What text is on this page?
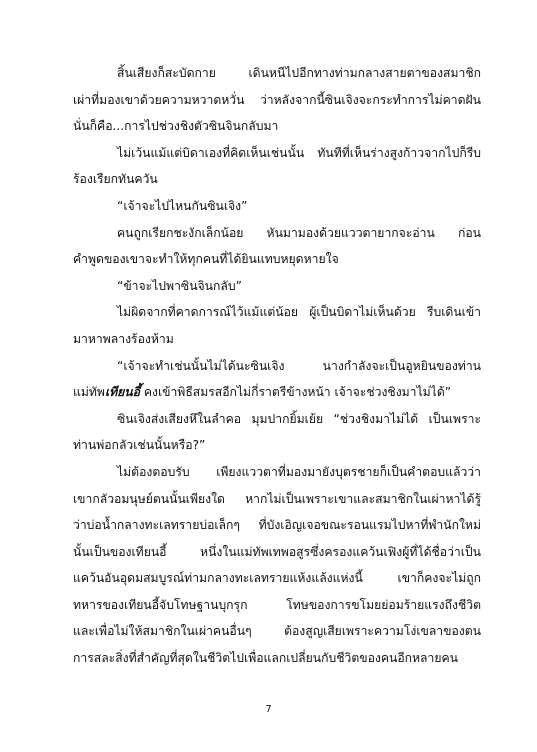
สิ้นเสียงก็สะบัดกาย เดินหนีไปอีกทางท่ามกลางสายตาของสมาชิก
เผ่าที่มองเขาด้วยความหวาดหวั่น ว่าหลังจากนี้ซินเจิงจะกระทำการไม่คาดฝัน
นั่นก็คือ...การไปช่วงชิงตัวซินจินกลับมา
ไม่เว้นแม้แต่บิดาเองที่คิดเห็นเช่นนั้น ทันทีที่เห็นร่างสูงก้าวจากไปก็รีบ
ร้องเรียกทันควัน
“เจ้าจะไปไหนกันซินเจิง”
คนถูกเรียกชะงักเล็กน้อย หันมามองด้วยแววตายากจะอ่าน ก่อน
คำพูดของเขาจะทำให้ทุกคนที่ได้ยินแทบหยุดหายใจ
“ข้าจะไปพาซินจินกลับ”
ไม่ผิดจากที่คาดการณ์ไว้แม้แต่น้อย ผู้เป็นบิดาไม่เห็นด้วย รีบเดินเข้า
มาหาพลางร้องห้าม
“เจ้าจะทำเช่นนั้นไม่ได้นะซินเจิง นางกำลังจะเป็นอูหยินของท่าน
แม่ทัพเทียนอี้ คงเข้าพิธีสมรสอีกไม่กี่ราตรีข้างหน้า เจ้าจะช่วงชิงมาไม่ได้”
ซินเจิงส่งเสียงหึในลำคอ มุมปากยิ้มเย้ย “ช่วงชิงมาไม่ได้ เป็นเพราะ
ท่านพ่อกลัวเช่นนั้นหรือ?”
ไม่ต้องตอบรับ เพียงแววตาที่มองมายังบุตรชายก็เป็นคำตอบแล้วว่า
เขากลัวอมนุษย์ตนนั้นเพียงใด หากไม่เป็นเพราะเขาและสมาชิกในเผ่าหาได้รู้
ว่าบ่อน้ำกลางทะเลทรายบ่อเล็กๆ ที่บังเอิญเจอขณะรอนแรมไปหาที่พำนักใหม่
นั้นเป็นของเทียนอี้ หนึ่งในแม่ทัพเทพอสูรซึ่งครองแคว้นเฟิงผู้ที่ได้ชื่อว่าเป็น
แคว้นอันอุดมสมบูรณ์ท่ามกลางทะเลทรายแห้งแล้งแห่งนี้ เขาก็คงจะไม่ถูก
ทหารของเทียนอี้จับโทษฐานบุกรุก โทษของการขโมยย่อมร้ายแรงถึงชีวิต
และเพื่อไม่ให้สมาชิกในเผ่าคนอื่นๆ ต้องสูญเสียเพราะความโง่เขลาของตน
การสละสิ่งที่สำคัญที่สุดในชีวิตไปเพื่อแลกเปลี่ยนกับชีวิตของคนอีกหลายคน
7
